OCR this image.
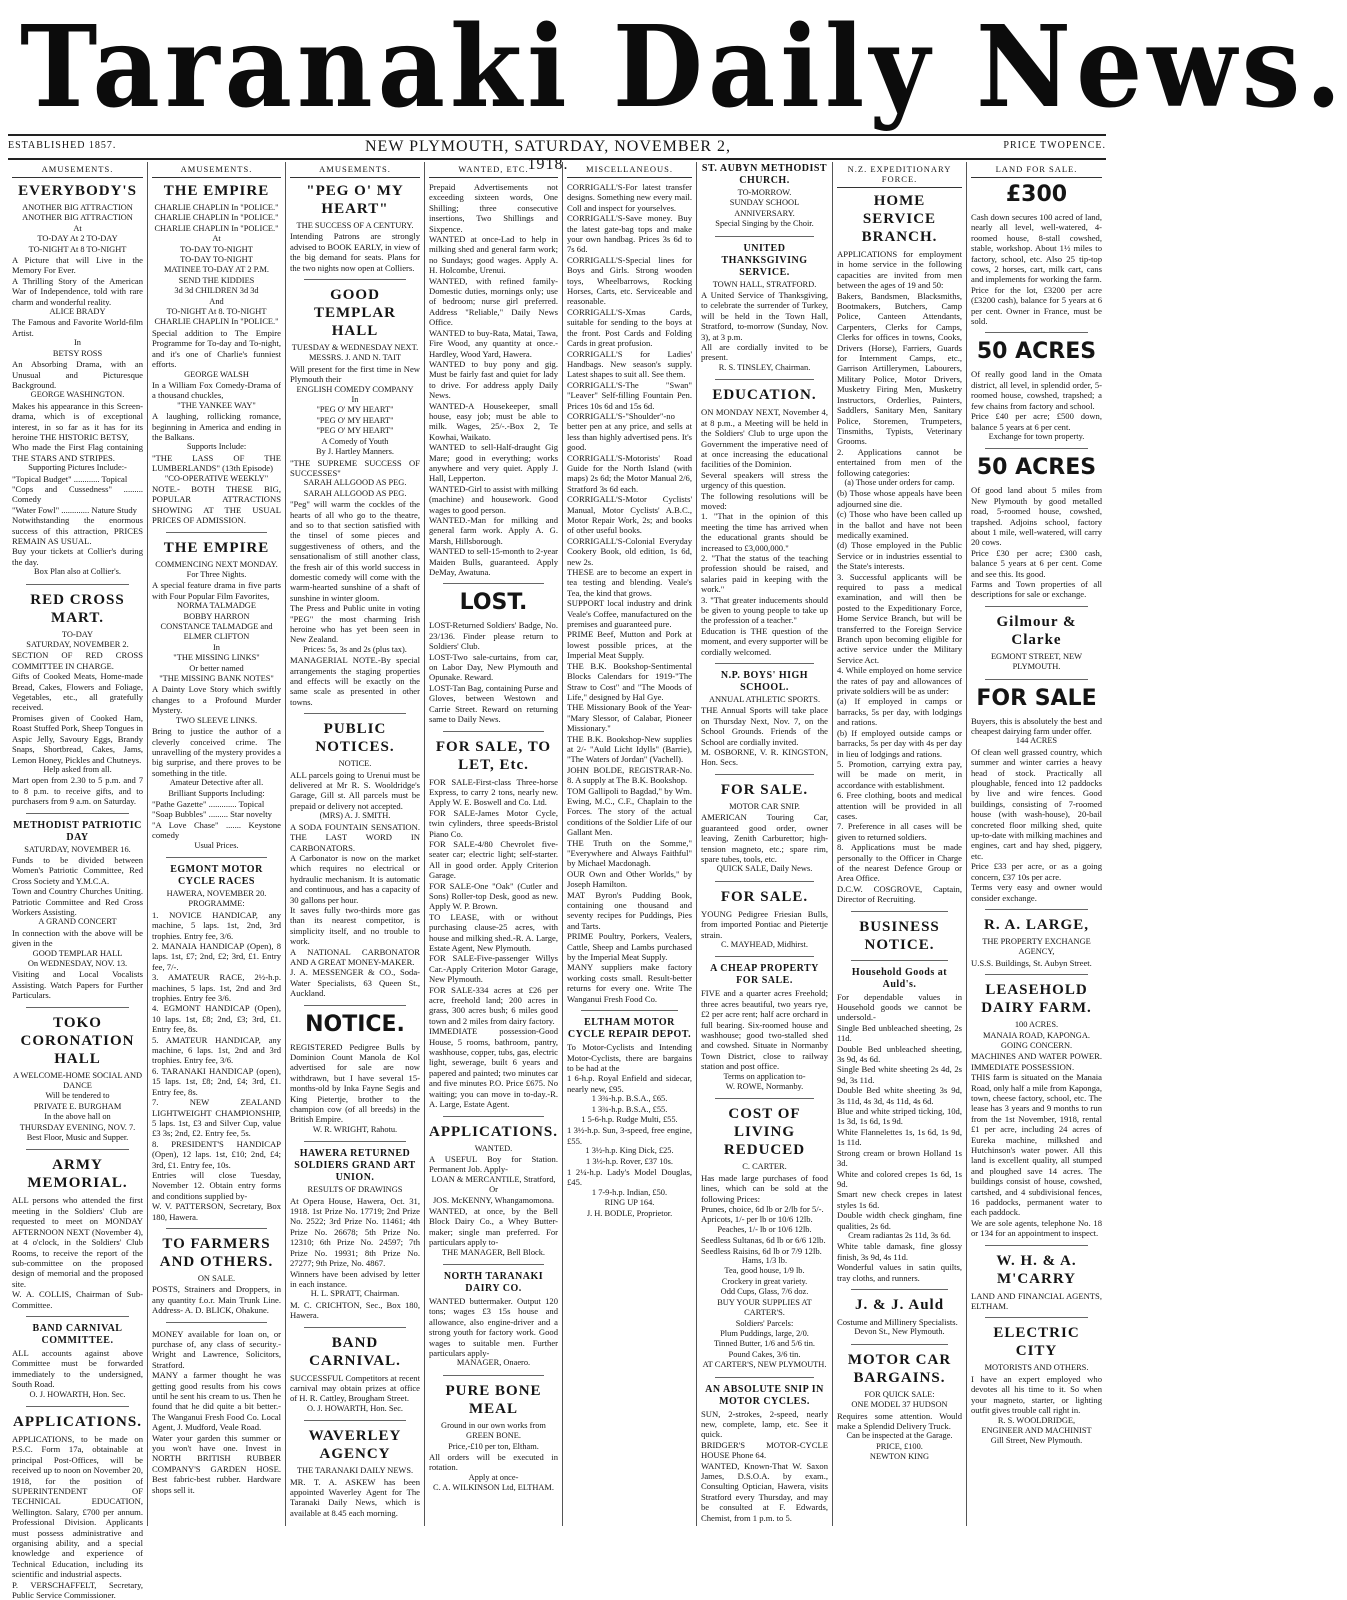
Taranaki Daily News.
ESTABLISHED 1857.	NEW PLYMOUTH, SATURDAY, NOVEMBER 2, 1918.
PRICE TWOPENCE.
AMUSEMENTS.
EVERYBODY'S
ANOTHER BIG ATTRACTION
ANOTHER BIG ATTRACTION
At
TO-DAY At 2 TO-DAY
TO-NIGHT At 8 TO-NIGHT
A Picture that will Live in the Memory For Ever.
A Thrilling Story of the American War of Independence, told with rare charm and wonderful reality.
ALICE BRADY
The Famous and Favorite World-film Artist.
In
BETSY ROSS
An Absorbing Drama, with an Unusual and Picturesque Background.
GEORGE WASHINGTON.
Makes his appearance in this Screen-drama, which is of exceptional interest, in so far as it has for its heroine THE HISTORIC BETSY,
Who made the First Flag containing THE STARS AND STRIPES.
Supporting Pictures Include:-
"Topical Budget" ............ Topical
"Cops and Cussedness" ......... Comedy
"Water Fowl" ............. Nature Study
Notwithstanding the enormous success of this attraction, PRICES REMAIN AS USUAL.
Buy your tickets at Collier's during the day.
Box Plan also at Collier's.
RED CROSS MART.
TO-DAY
SATURDAY, NOVEMBER 2.
SECTION OF RED CROSS COMMITTEE IN CHARGE.
Gifts of Cooked Meats, Home-made Bread, Cakes, Flowers and Foliage, Vegetables, etc., all gratefully received.
Promises given of Cooked Ham, Roast Stuffed Pork, Sheep Tongues in Aspic Jelly, Savoury Eggs, Brandy Snaps, Shortbread, Cakes, Jams, Lemon Honey, Pickles and Chutneys.
Help asked from all.
Mart open from 2.30 to 5 p.m. and 7 to 8 p.m. to receive gifts, and to purchasers from 9 a.m. on Saturday.
METHODIST PATRIOTIC DAY
SATURDAY, NOVEMBER 16.
Funds to be divided between Women's Patriotic Committee, Red Cross Society and Y.M.C.A.
Town and Country Churches Uniting. Patriotic Committee and Red Cross Workers Assisting.
A GRAND CONCERT
In connection with the above will be given in the
GOOD TEMPLAR HALL
On WEDNESDAY, NOV. 13.
Visiting and Local Vocalists Assisting. Watch Papers for Further Particulars.
TOKO CORONATION HALL
A WELCOME-HOME SOCIAL AND DANCE
Will be tendered to
PRIVATE E. BURGHAM
In the above hall on
THURSDAY EVENING, NOV. 7.
Best Floor, Music and Supper.
ARMY MEMORIAL.
ALL persons who attended the first meeting in the Soldiers' Club are requested to meet on MONDAY AFTERNOON NEXT (November 4), at 4 o'clock, in the Soldiers' Club Rooms, to receive the report of the sub-committee on the proposed design of memorial and the proposed site.
W. A. COLLIS, Chairman of Sub-Committee.
BAND CARNIVAL COMMITTEE.
ALL accounts against above Committee must be forwarded immediately to the undersigned, South Road.
O. J. HOWARTH, Hon. Sec.
APPLICATIONS.
APPLICATIONS, to be made on P.S.C. Form 17a, obtainable at principal Post-Offices, will be received up to noon on November 20, 1918, for the position of SUPERINTENDENT OF TECHNICAL EDUCATION, Wellington. Salary, £700 per annum. Professional Division. Applicants must possess administrative and organising ability, and a special knowledge and experience of Technical Education, including its scientific and industrial aspects.
P. VERSCHAFFELT, Secretary, Public Service Commissioner.
AMUSEMENTS.
THE EMPIRE
CHARLIE CHAPLIN In "POLICE."
CHARLIE CHAPLIN In "POLICE."
CHARLIE CHAPLIN In "POLICE."
At
TO-DAY TO-NIGHT
TO-DAY TO-NIGHT
MATINEE TO-DAY AT 2 P.M.
SEND THE KIDDIES
3d 3d CHILDREN 3d 3d
And
TO-NIGHT At 8. TO-NIGHT
CHARLIE CHAPLIN In "POLICE."
Special addition to The Empire Programme for To-day and To-night, and it's one of Charlie's funniest efforts.
GEORGE WALSH
In a William Fox Comedy-Drama of a thousand chuckles,
"THE YANKEE WAY"
A laughing, rollicking romance, beginning in America and ending in the Balkans.
Supports Include:
"THE LASS OF THE LUMBERLANDS" (13th Episode)
"CO-OPERATIVE WEEKLY"
NOTE.- BOTH THESE BIG, POPULAR ATTRACTIONS SHOWING AT THE USUAL PRICES OF ADMISSION.
THE EMPIRE
COMMENCING NEXT MONDAY.
For Three Nights.
A special feature drama in five parts with Four Popular Film Favorites,
NORMA TALMADGE
BOBBY HARRON
CONSTANCE TALMADGE and
ELMER CLIFTON
In
"THE MISSING LINKS"
Or better named
"THE MISSING BANK NOTES"
A Dainty Love Story which swiftly changes to a Profound Murder Mystery.
TWO SLEEVE LINKS.
Bring to justice the author of a cleverly conceived crime. The unravelling of the mystery provides a big surprise, and there proves to be something in the title.
Amateur Detective after all.
Brilliant Supports Including:
"Pathe Gazette" ............. Topical
"Soap Bubbles" ......... Star novelty
"A Love Chase" ....... Keystone comedy
Usual Prices.
EGMONT MOTOR CYCLE RACES
HAWERA, NOVEMBER 20.
PROGRAMME:
1. NOVICE HANDICAP, any machine, 5 laps. 1st, 2nd, 3rd trophies. Entry fee, 3/6.
2. MANAIA HANDICAP (Open), 8 laps. 1st, £7; 2nd, £2; 3rd, £1. Entry fee, 7/-.
3. AMATEUR RACE, 2½-h.p. machines, 5 laps. 1st, 2nd and 3rd trophies. Entry fee 3/6.
4. EGMONT HANDICAP (Open), 10 laps. 1st, £8; 2nd, £3; 3rd, £1. Entry fee, 8s.
5. AMATEUR HANDICAP, any machine, 6 laps. 1st, 2nd and 3rd trophies. Entry fee, 3/6.
6. TARANAKI HANDICAP (open), 15 laps. 1st, £8; 2nd, £4; 3rd, £1. Entry fee, 8s.
7. NEW ZEALAND LIGHTWEIGHT CHAMPIONSHIP, 5 laps. 1st, £3 and Silver Cup, value £3 3s; 2nd, £2. Entry fee, 5s.
8. PRESIDENT'S HANDICAP (Open), 12 laps. 1st, £10; 2nd, £4; 3rd, £1. Entry fee, 10s.
Entries will close Tuesday, November 12. Obtain entry forms and conditions supplied by-
W. V. PATTERSON, Secretary, Box 180, Hawera.
TO FARMERS AND OTHERS.
ON SALE.
POSTS, Strainers and Droppers, in any quantity f.o.r. Main Trunk Line. Address- A. D. BLICK, Ohakune.
MONEY available for loan on, or purchase of, any class of security.- Wright and Lawrence, Solicitors, Stratford.
MANY a farmer thought he was getting good results from his cows until he sent his cream to us. Then he found that he did quite a bit better.-The Wanganui Fresh Food Co. Local Agent, J. Mudford, Veale Road.
Water your garden this summer or you won't have one. Invest in NORTH BRITISH RUBBER COMPANY'S GARDEN HOSE. Best fabric-best rubber. Hardware shops sell it.
AMUSEMENTS.
"PEG O' MY HEART"
THE SUCCESS OF A CENTURY.
Intending Patrons are strongly advised to BOOK EARLY, in view of the big demand for seats. Plans for the two nights now open at Colliers.
GOOD TEMPLAR HALL
TUESDAY & WEDNESDAY NEXT.
MESSRS. J. AND N. TAIT
Will present for the first time in New Plymouth their
ENGLISH COMEDY COMPANY
In
"PEG O' MY HEART"
"PEG O' MY HEART"
"PEG O' MY HEART"
A Comedy of Youth
By J. Hartley Manners.
"THE SUPREME SUCCESS OF SUCCESSES"
SARAH ALLGOOD AS PEG.
SARAH ALLGOOD AS PEG.
"Peg" will warm the cockles of the hearts of all who go to the theatre, and so to that section satisfied with the tinsel of some pieces and suggestiveness of others, and the sensationalism of still another class, the fresh air of this world success in domestic comedy will come with the warm-hearted sunshine of a shaft of sunshine in winter gloom.
The Press and Public unite in voting "PEG" the most charming Irish heroine who has yet been seen in New Zealand.
Prices: 5s, 3s and 2s (plus tax).
MANAGERIAL NOTE.-By special arrangements the staging properties and effects will be exactly on the same scale as presented in other towns.
PUBLIC NOTICES.
NOTICE.
ALL parcels going to Urenui must be delivered at Mr R. S. Wooldridge's Garage, Gill st. All parcels must be prepaid or delivery not accepted.
(MRS) A. J. SMITH.
A SODA FOUNTAIN SENSATION. THE LAST WORD IN CARBONATORS.
A Carbonator is now on the market which requires no electrical or hydraulic mechanism. It is automatic and continuous, and has a capacity of 30 gallons per hour.
It saves fully two-thirds more gas than its nearest competitor, is simplicity itself, and no trouble to work.
A NATIONAL CARBONATOR AND A GREAT MONEY-MAKER.
J. A. MESSENGER & CO., Soda-Water Specialists, 63 Queen St., Auckland.
NOTICE.
REGISTERED Pedigree Bulls by Dominion Count Manola de Kol advertised for sale are now withdrawn, but I have several 15-months-old by Inka Fayne Segis and King Pietertje, brother to the champion cow (of all breeds) in the British Empire.
W. R. WRIGHT, Rahotu.
HAWERA RETURNED SOLDIERS GRAND ART UNION.
RESULTS OF DRAWINGS
At Opera House, Hawera, Oct. 31, 1918. 1st Prize No. 17719; 2nd Prize No. 2522; 3rd Prize No. 11461; 4th Prize No. 26678; 5th Prize No. 12310; 6th Prize No. 24597; 7th Prize No. 19931; 8th Prize No. 27277; 9th Prize, No. 4867.
Winners have been advised by letter in each instance.
H. L. SPRATT, Chairman.
M. C. CRICHTON, Sec., Box 180, Hawera.
BAND CARNIVAL.
SUCCESSFUL Competitors at recent carnival may obtain prizes at office of H. R. Cattley, Brougham Street.
O. J. HOWARTH, Hon. Sec.
WAVERLEY AGENCY
THE TARANAKI DAILY NEWS.
MR. T. A. ASKEW has been appointed Waverley Agent for The Taranaki Daily News, which is available at 8.45 each morning.
WANTED, ETC.
Prepaid Advertisements not exceeding sixteen words, One Shilling; three consecutive insertions, Two Shillings and Sixpence.
WANTED at once-Lad to help in milking shed and general farm work; no Sundays; good wages. Apply A. H. Holcombe, Urenui.
WANTED, with refined family-Domestic duties, mornings only; use of bedroom; nurse girl preferred. Address "Reliable," Daily News Office.
WANTED to buy-Rata, Matai, Tawa, Fire Wood, any quantity at once.-Hardley, Wood Yard, Hawera.
WANTED to buy pony and gig. Must be fairly fast and quiet for lady to drive. For address apply Daily News.
WANTED-A Housekeeper, small house, easy job; must be able to milk. Wages, 25/-.-Box 2, Te Kowhai, Waikato.
WANTED to sell-Half-draught Gig Mare; good in everything; works anywhere and very quiet. Apply J. Hall, Lepperton.
WANTED-Girl to assist with milking (machine) and housework. Good wages to good person.
WANTED.-Man for milking and general farm work. Apply A. G. Marsh, Hillsborough.
WANTED to sell-15-month to 2-year Maiden Bulls, guaranteed. Apply DeMay, Awatuna.
LOST.
LOST-Returned Soldiers' Badge, No. 23/136. Finder please return to Soldiers' Club.
LOST-Two sale-curtains, from car, on Labor Day, New Plymouth and Opunake. Reward.
LOST-Tan Bag, containing Purse and Gloves, between Westown and Carrie Street. Reward on returning same to Daily News.
FOR SALE, TO LET, Etc.
FOR SALE-First-class Three-horse Express, to carry 2 tons, nearly new. Apply W. E. Boswell and Co. Ltd.
FOR SALE-James Motor Cycle, twin cylinders, three speeds-Bristol Piano Co.
FOR SALE-4/80 Chevrolet five-seater car; electric light; self-starter. All in good order. Apply Criterion Garage.
FOR SALE-One "Oak" (Cutler and Sons) Roller-top Desk, good as new. Apply W. P. Brown.
TO LEASE, with or without purchasing clause-25 acres, with house and milking shed.-R. A. Large, Estate Agent, New Plymouth.
FOR SALE-Five-passenger Willys Car.-Apply Criterion Motor Garage, New Plymouth.
FOR SALE-334 acres at £26 per acre, freehold land; 200 acres in grass, 300 acres bush; 6 miles good town and 2 miles from dairy factory.
IMMEDIATE possession-Good House, 5 rooms, bathroom, pantry, washhouse, copper, tubs, gas, electric light, sewerage, built 6 years and papered and painted; two minutes car and five minutes P.O. Price £675. No waiting; you can move in to-day.-R. A. Large, Estate Agent.
APPLICATIONS.
WANTED.
A USEFUL Boy for Station. Permanent Job. Apply-
LOAN & MERCANTILE, Stratford, Or
JOS. McKENNY, Whangamomona.
WANTED, at once, by the Bell Block Dairy Co., a Whey Butter-maker; single man preferred. For particulars apply to-
THE MANAGER, Bell Block.
NORTH TARANAKI DAIRY CO.
WANTED buttermaker. Output 120 tons; wages £3 15s house and allowance, also engine-driver and a strong youth for factory work. Good wages to suitable men. Further particulars apply-
MANAGER, Onaero.
PURE BONE MEAL
Ground in our own works from
GREEN BONE.
Price,-£10 per ton, Eltham.
All orders will be executed in rotation.
Apply at once-
C. A. WILKINSON Ltd, ELTHAM.
MISCELLANEOUS.
CORRIGALL'S-For latest transfer designs. Something new every mail. Coll and inspect for yourselves.
CORRIGALL'S-Save money. Buy the latest gate-bag tops and make your own handbag. Prices 3s 6d to 7s 6d.
CORRIGALL'S-Special lines for Boys and Girls. Strong wooden toys, Wheelbarrows, Rocking Horses, Carts, etc. Serviceable and reasonable.
CORRIGALL'S-Xmas Cards, suitable for sending to the boys at the front. Post Cards and Folding Cards in great profusion.
CORRIGALL'S for Ladies' Handbags. New season's supply. Latest shapes to suit all. See them.
CORRIGALL'S-The "Swan" "Leaver" Self-filling Fountain Pen. Prices 10s 6d and 15s 6d.
CORRIGALL'S-"Shoulder"-no better pen at any price, and sells at less than highly advertised pens. It's good.
CORRIGALL'S-Motorists' Road Guide for the North Island (with maps) 2s 6d; the Motor Manual 2/6, Stratford 3s 6d each.
CORRIGALL'S-Motor Cyclists' Manual, Motor Cyclists' A.B.C., Motor Repair Work, 2s; and books of other useful books.
CORRIGALL'S-Colonial Everyday Cookery Book, old edition, 1s 6d, new 2s.
THESE are to become an expert in tea testing and blending. Veale's Tea, the kind that grows.
SUPPORT local industry and drink Veale's Coffee, manufactured on the premises and guaranteed pure.
PRIME Beef, Mutton and Pork at lowest possible prices, at the Imperial Meat Supply.
THE B.K. Bookshop-Sentimental Blocks Calendars for 1919-"The Straw to Cost" and "The Moods of Life," designed by Hal Gye.
THE Missionary Book of the Year-"Mary Slessor, of Calabar, Pioneer Missionary."
THE B.K. Bookshop-New supplies at 2/- "Auld Licht Idylls" (Barrie), "The Waters of Jordan" (Vachell).
JOHN BOLDE, REGISTRAR-No. 8. A supply at The B.K. Bookshop.
TOM Gallipoli to Bagdad," by Wm. Ewing, M.C., C.F., Chaplain to the Forces. The story of the actual conditions of the Soldier Life of our Gallant Men.
THE Truth on the Somme," "Everywhere and Always Faithful" by Michael Macdonagh.
OUR Own and Other Worlds," by Joseph Hamilton.
MAT Byron's Pudding Book, containing one thousand and seventy recipes for Puddings, Pies and Tarts.
PRIME Poultry, Porkers, Vealers, Cattle, Sheep and Lambs purchased by the Imperial Meat Supply.
MANY suppliers make factory working costs small. Result-better returns for every one. Write The Wanganui Fresh Food Co.
ELTHAM MOTOR CYCLE REPAIR DEPOT.
To Motor-Cyclists and Intending Motor-Cyclists, there are bargains to be had at the
1 6-h.p. Royal Enfield and sidecar, nearly new, £95.
1 3¾-h.p. B.S.A., £65.
1 3¾-h.p. B.S.A., £55.
1 5-6-h.p. Rudge Multi, £55.
1 3½-h.p. Sun, 3-speed, free engine, £55.
1 3½-h.p. King Dick, £25.
1 3½-h.p. Rover, £37 10s.
1 2¼-h.p. Lady's Model Douglas, £45.
1 7-9-h.p. Indian, £50.
RING UP 164.
J. H. BODLE, Proprietor.
ST. AUBYN METHODIST CHURCH.
TO-MORROW.
SUNDAY SCHOOL ANNIVERSARY.
Special Singing by the Choir.
UNITED THANKSGIVING SERVICE.
TOWN HALL, STRATFORD.
A United Service of Thanksgiving, to celebrate the surrender of Turkey, will be held in the Town Hall, Stratford, to-morrow (Sunday, Nov. 3), at 3 p.m.
All are cordially invited to be present.
R. S. TINSLEY, Chairman.
EDUCATION.
ON MONDAY NEXT, November 4, at 8 p.m., a Meeting will be held in the Soldiers' Club to urge upon the Government the imperative need of at once increasing the educational facilities of the Dominion.
Several speakers will stress the urgency of this question.
The following resolutions will be moved:
1. "That in the opinion of this meeting the time has arrived when the educational grants should be increased to £3,000,000."
2. "That the status of the teaching profession should be raised, and salaries paid in keeping with the work."
3. "That greater inducements should be given to young people to take up the profession of a teacher."
Education is THE question of the moment, and every supporter will be cordially welcomed.
N.P. BOYS' HIGH SCHOOL.
ANNUAL ATHLETIC SPORTS.
THE Annual Sports will take place on Thursday Next, Nov. 7, on the School Grounds. Friends of the School are cordially invited.
M. OSBORNE, V. R. KINGSTON, Hon. Secs.
FOR SALE.
MOTOR CAR SNIP.
AMERICAN Touring Car, guaranteed good order, owner leaving, Zenith Carburettor; high-tension magneto, etc.; spare rim, spare tubes, tools, etc.
QUICK SALE, Daily News.
FOR SALE.
YOUNG Pedigree Friesian Bulls, from imported Pontiac and Pietertje strain.
C. MAYHEAD, Midhirst.
A CHEAP PROPERTY FOR SALE.
FIVE and a quarter acres Freehold; three acres beautiful, two years rye, £2 per acre rent; half acre orchard in full bearing. Six-roomed house and washhouse; good two-stalled shed and cowshed. Situate in Normanby Town District, close to railway station and post office.
Terms on application to-
W. ROWE, Normanby.
COST OF LIVING REDUCED
C. CARTER.
Has made large purchases of food lines, which can be sold at the following Prices:
Prunes, choice, 6d lb or 2/lb for 5/-.
Apricots, 1/- per lb or 10/6 12lb.
Peaches, 1/- lb or 10/6 12lb.
Seedless Sultanas, 6d lb or 6/6 12lb.
Seedless Raisins, 6d lb or 7/9 12lb.
Hams, 1/3 lb.
Tea, good house, 1/9 lb.
Crockery in great variety.
Odd Cups, Glass, 7/6 doz.
BUY YOUR SUPPLIES AT CARTER'S.
Soldiers' Parcels:
Plum Puddings, large, 2/0.
Tinned Butter, 1/6 and 5/6 tin.
Pound Cakes, 3/6 tin.
AT CARTER'S, NEW PLYMOUTH.
AN ABSOLUTE SNIP IN MOTOR CYCLES.
SUN, 2-strokes, 2-speed, nearly new, complete, lamp, etc. See it quick.
BRIDGER'S MOTOR-CYCLE HOUSE Phone 64.
WANTED, Known-That W. Saxon James, D.S.O.A. by exam., Consulting Optician, Hawera, visits Stratford every Thursday, and may be consulted at F. Edwards, Chemist, from 1 p.m. to 5.
N.Z. EXPEDITIONARY FORCE.
HOME SERVICE BRANCH.
APPLICATIONS for employment in home service in the following capacities are invited from men between the ages of 19 and 50:
Bakers, Bandsmen, Blacksmiths, Bootmakers, Butchers, Camp Police, Canteen Attendants, Carpenters, Clerks for Camps, Clerks for offices in towns, Cooks, Drivers (Horse), Farriers, Guards for Internment Camps, etc., Garrison Artillerymen, Labourers, Military Police, Motor Drivers, Musketry Firing Men, Musketry Instructors, Orderlies, Painters, Saddlers, Sanitary Men, Sanitary Police, Storemen, Trumpeters, Tinsmiths, Typists, Veterinary Grooms.
2. Applications cannot be entertained from men of the following categories:
(a) Those under orders for camp.
(b) Those whose appeals have been adjourned sine die.
(c) Those who have been called up in the ballot and have not been medically examined.
(d) Those employed in the Public Service or in industries essential to the State's interests.
3. Successful applicants will be required to pass a medical examination, and will then be posted to the Expeditionary Force, Home Service Branch, but will be transferred to the Foreign Service Branch upon becoming eligible for active service under the Military Service Act.
4. While employed on home service the rates of pay and allowances of private soldiers will be as under:
(a) If employed in camps or barracks, 5s per day, with lodgings and rations.
(b) If employed outside camps or barracks, 5s per day with 4s per day in lieu of lodgings and rations.
5. Promotion, carrying extra pay, will be made on merit, in accordance with establishment.
6. Free clothing, boots and medical attention will be provided in all cases.
7. Preference in all cases will be given to returned soldiers.
8. Applications must be made personally to the Officer in Charge of the nearest Defence Group or Area Office.
D.C.W. COSGROVE, Captain, Director of Recruiting.
BUSINESS NOTICE.
Household Goods at Auld's.
For dependable values in Household goods we cannot be undersold.-
Single Bed unbleached sheeting, 2s 11d.
Double Bed unbleached sheeting, 3s 9d, 4s 6d.
Single Bed white sheeting 2s 4d, 2s 9d, 3s 11d.
Double Bed white sheeting 3s 9d, 3s 11d, 4s 3d, 4s 11d, 4s 6d.
Blue and white striped ticking, 10d, 1s 3d, 1s 6d, 1s 9d.
White Flannelettes 1s, 1s 6d, 1s 9d, 1s 11d.
Strong cream or brown Holland 1s 3d.
White and colored crepes 1s 6d, 1s 9d.
Smart new check crepes in latest styles 1s 6d.
Double width check gingham, fine qualities, 2s 6d.
Cream radiantas 2s 11d, 3s 6d.
White table damask, fine glossy finish, 3s 9d, 4s 11d.
Wonderful values in satin quilts, tray cloths, and runners.
J. & J. Auld
Costume and Millinery Specialists.
Devon St., New Plymouth.
MOTOR CAR BARGAINS.
FOR QUICK SALE:
ONE MODEL 37 HUDSON
Requires some attention. Would make a Splendid Delivery Truck.
Can be inspected at the Garage.
PRICE, £100.
NEWTON KING
LAND FOR SALE.
£300
Cash down secures 100 acred of land, nearly all level, well-watered, 4-roomed house, 8-stall cowshed, stable, workshop. About 1½ miles to factory, school, etc. Also 25 tip-top cows, 2 horses, cart, milk cart, cans and implements for working the farm.
Price for the lot, £3200 per acre (£3200 cash), balance for 5 years at 6 per cent. Owner in France, must be sold.
50 ACRES
Of really good land in the Omata district, all level, in splendid order, 5-roomed house, cowshed, trapshed; a few chains from factory and school.
Price £40 per acre; £500 down, balance 5 years at 6 per cent.
Exchange for town property.
50 ACRES
Of good land about 5 miles from New Plymouth by good metalled road, 5-roomed house, cowshed, trapshed. Adjoins school, factory about 1 mile, well-watered, will carry 20 cows.
Price £30 per acre; £300 cash, balance 5 years at 6 per cent. Come and see this. Its good.
Farms and Town properties of all descriptions for sale or exchange.
Gilmour & Clarke
EGMONT STREET, NEW PLYMOUTH.
FOR SALE
Buyers, this is absolutely the best and cheapest dairying farm under offer.
144 ACRES
Of clean well grassed country, which summer and winter carries a heavy head of stock. Practically all ploughable, fenced into 12 paddocks by live and wire fences. Good buildings, consisting of 7-roomed house (with wash-house), 20-bail concreted floor milking shed, quite up-to-date with milking machines and engines, cart and hay shed, piggery, etc.
Price £33 per acre, or as a going concern, £37 10s per acre.
Terms very easy and owner would consider exchange.
R. A. LARGE,
THE PROPERTY EXCHANGE AGENCY,
U.S.S. Buildings, St. Aubyn Street.
LEASEHOLD DAIRY FARM.
100 ACRES.
MANAIA ROAD, KAPONGA.
GOING CONCERN.
MACHINES AND WATER POWER. IMMEDIATE POSSESSION.
THIS farm is situated on the Manaia Road, only half a mile from Kaponga, town, cheese factory, school, etc. The lease has 3 years and 9 months to run from the 1st November, 1918, rental £1 per acre, including 24 acres of Eureka machine, milkshed and Hutchinson's water power. All this land is excellent quality, all stumped and ploughed save 14 acres. The buildings consist of house, cowshed, cartshed, and 4 subdivisional fences, 16 paddocks, permanent water to each paddock.
We are sole agents, telephone No. 18 or 134 for an appointment to inspect.
W. H. & A. M'CARRY
LAND AND FINANCIAL AGENTS, ELTHAM.
ELECTRIC CITY
MOTORISTS AND OTHERS.
I have an expert employed who devotes all his time to it. So when your magneto, starter, or lighting outfit gives trouble call right in.
R. S. WOOLDRIDGE,
ENGINEER AND MACHINIST
Gill Street, New Plymouth.
